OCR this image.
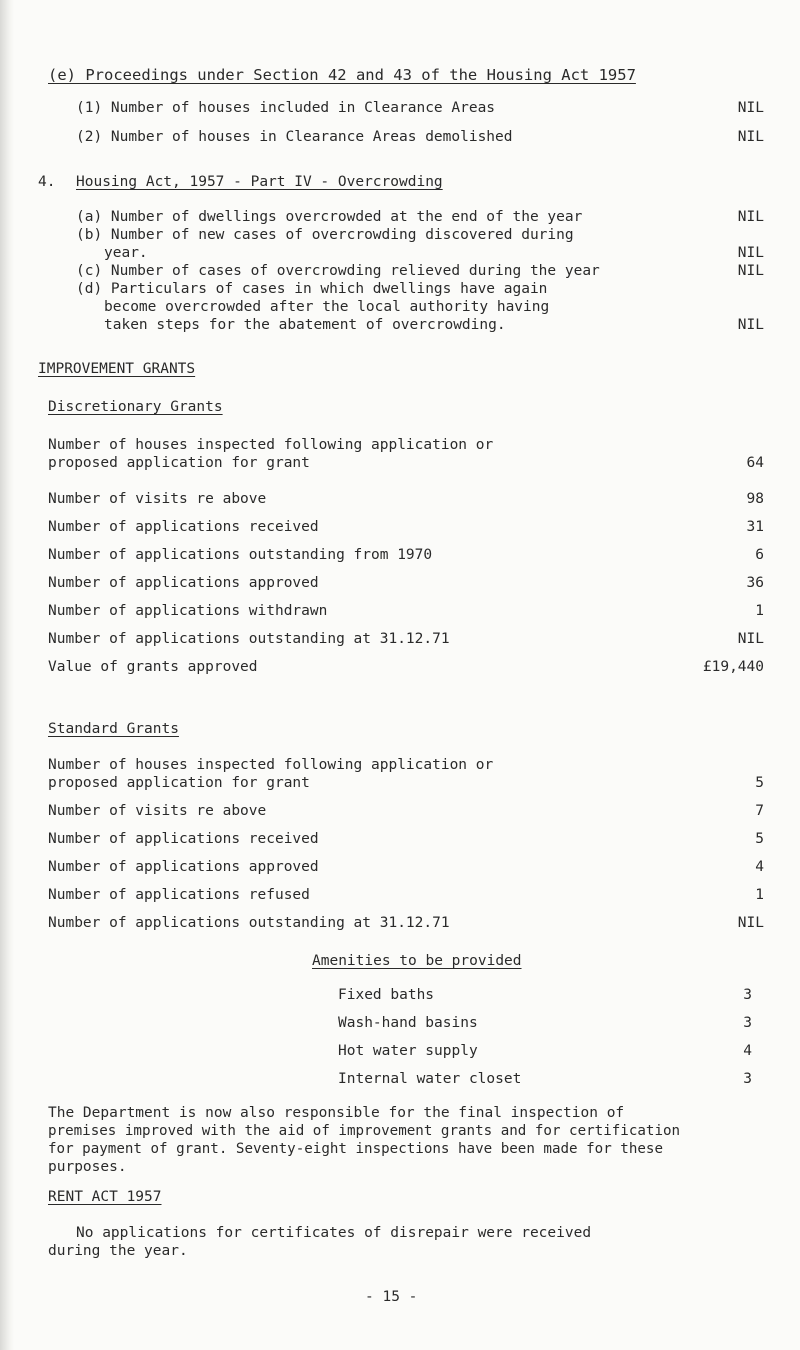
(e) Proceedings under Section 42 and 43 of the Housing Act 1957
(1) Number of houses included in Clearance Areas	NIL
(2) Number of houses in Clearance Areas demolished	NIL
4. Housing Act, 1957 - Part IV - Overcrowding
(a) Number of dwellings overcrowded at the end of the year	NIL
(b) Number of new cases of overcrowding discovered during
year.	NIL
(c) Number of cases of overcrowding relieved during the year	NIL
(d) Particulars of cases in which dwellings have again
become overcrowded after the local authority having
taken steps for the abatement of overcrowding.	NIL
IMPROVEMENT GRANTS
Discretionary Grants
Number of houses inspected following application or
proposed application for grant	64
Number of visits re above	98
Number of applications received	31
Number of applications outstanding from 1970	6
Number of applications approved	36
Number of applications withdrawn	1
Number of applications outstanding at 31.12.71	NIL
Value of grants approved	£19,440
Standard Grants
Number of houses inspected following application or
proposed application for grant	5
Number of visits re above	7
Number of applications received	5
Number of applications approved	4
Number of applications refused	1
Number of applications outstanding at 31.12.71	NIL
Amenities to be provided
Fixed baths	3
Wash-hand basins	3
Hot water supply	4
Internal water closet	3
The Department is now also responsible for the final inspection of
premises improved with the aid of improvement grants and for certification
for payment of grant. Seventy-eight inspections have been made for these
purposes.
RENT ACT 1957
No applications for certificates of disrepair were received
during the year.
- 15 -
